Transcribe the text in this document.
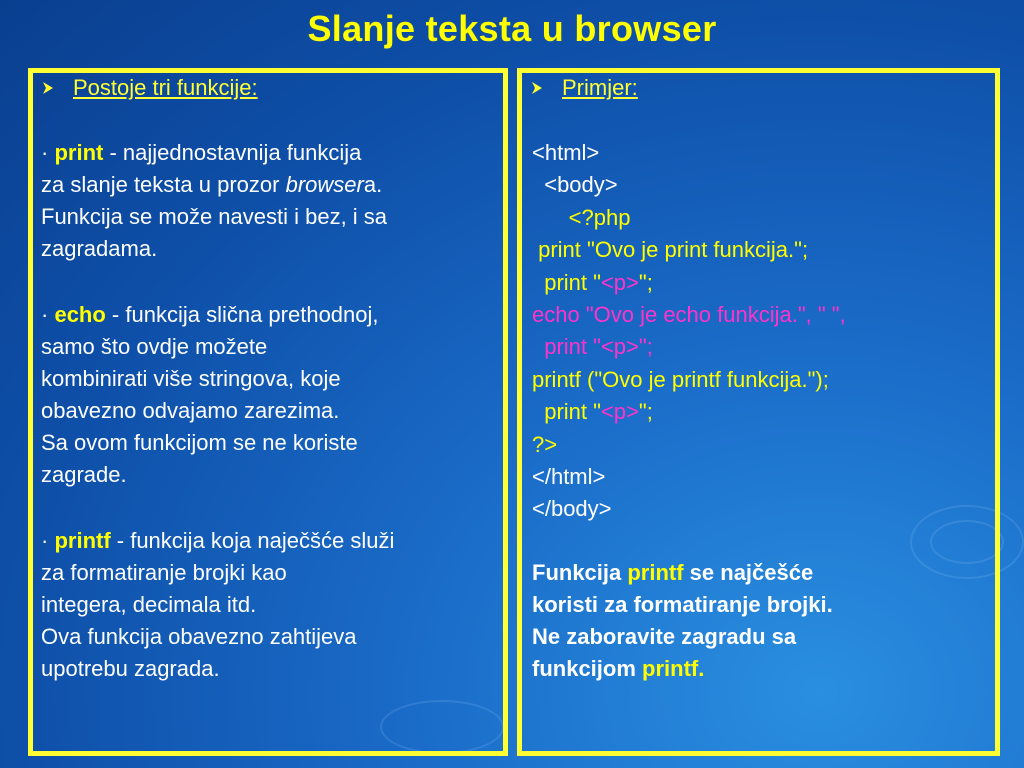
Slanje teksta u browser
Postoje tri funkcije:
· print - najjednostavnija funkcija
za slanje teksta u prozor browsera.
Funkcija se može navesti i bez, i sa
zagradama.
· echo - funkcija slična prethodnoj,
samo što ovdje možete
kombinirati više stringova, koje
obavezno odvajamo zarezima.
Sa ovom funkcijom se ne koriste
zagrade.
· printf - funkcija koja naječšće služi
za formatiranje brojki kao
integera, decimala itd.
Ova funkcija obavezno zahtijeva
upotrebu zagrada.
Primjer:
<html>
<body>
<?php
print "Ovo je print funkcija.";
print "<p>";
echo "Ovo je echo funkcija.", " ",
print "<p>";
printf ("Ovo je printf funkcija.");
print "<p>";
?>
</html>
</body>
Funkcija printf se najčešće
koristi za formatiranje brojki.
Ne zaboravite zagradu sa
funkcijom printf.
